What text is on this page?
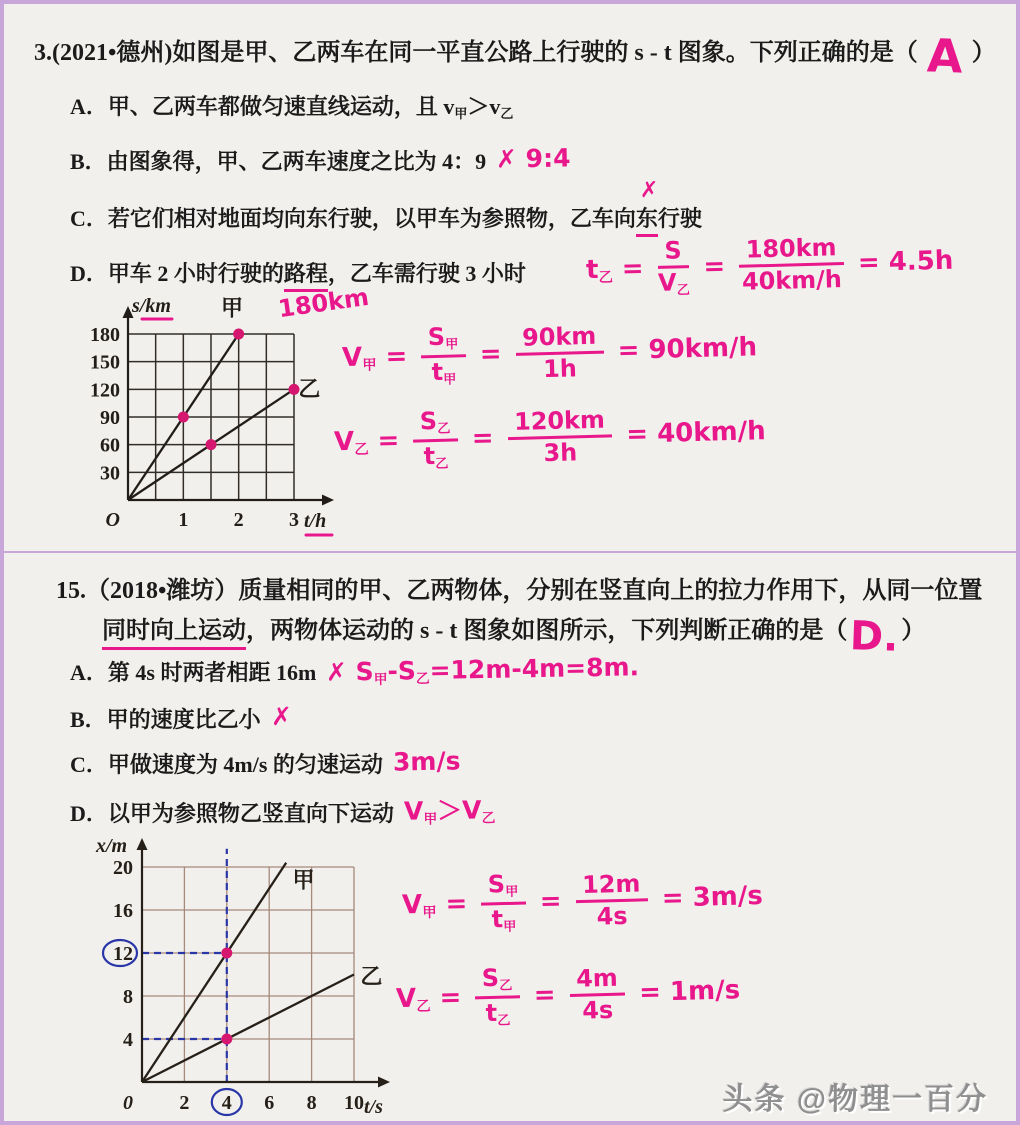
3.(2021•德州)如图是甲、乙两车在同一平直公路上行驶的 s - t 图象。下列正确的是（ A ）
A．甲、乙两车都做匀速直线运动，且 $v_甲>v_乙$
B．由图象得，甲、乙两车速度之比为 4：9 ✗ 9:4
C．若它们相对地面均向东行驶，以甲车为参照物，乙车向东
✗
行驶
D．甲车 2 小时行驶的路程
180km
，乙车需行驶 3 小时 $t_乙 = \frac{S}{V_乙} = \frac{180km}{40km/h} = 4.5h$
甲
乙
1 2 3
30
60
90
120
150
180
O
s/km
t/h
$V_甲 = \frac{S_甲}{t_甲} = \frac{90km}{1h} = 90km/h$
$V_乙 = \frac{S_乙}{t_乙} = \frac{120km}{3h} = 40km/h$
15.（2018•潍坊）质量相同的甲、乙两物体，分别在竖直向上的拉力作用下，从同一位置
同时向上运动，两物体运动的 s - t 图象如图所示，下列判断正确的是（D.）
A．第 4s 时两者相距 16m ✗ $S_甲-S_乙=12m-4m=8m$.
B．甲的速度比乙小 ✗
C．甲做速度为 4m/s 的匀速运动 3m/s
D．以甲为参照物乙竖直向下运动 $V_甲>V_乙$
甲
乙
2 4 6 8 10
4
8
12
16
20
0
x/m
t/s
$V_甲 = \frac{S_甲}{t_甲} = \frac{12m}{4s} = 3m/s$
$V_乙 = \frac{S_乙}{t_乙} = \frac{4m}{4s} = 1m/s$
头条 @物理一百分
